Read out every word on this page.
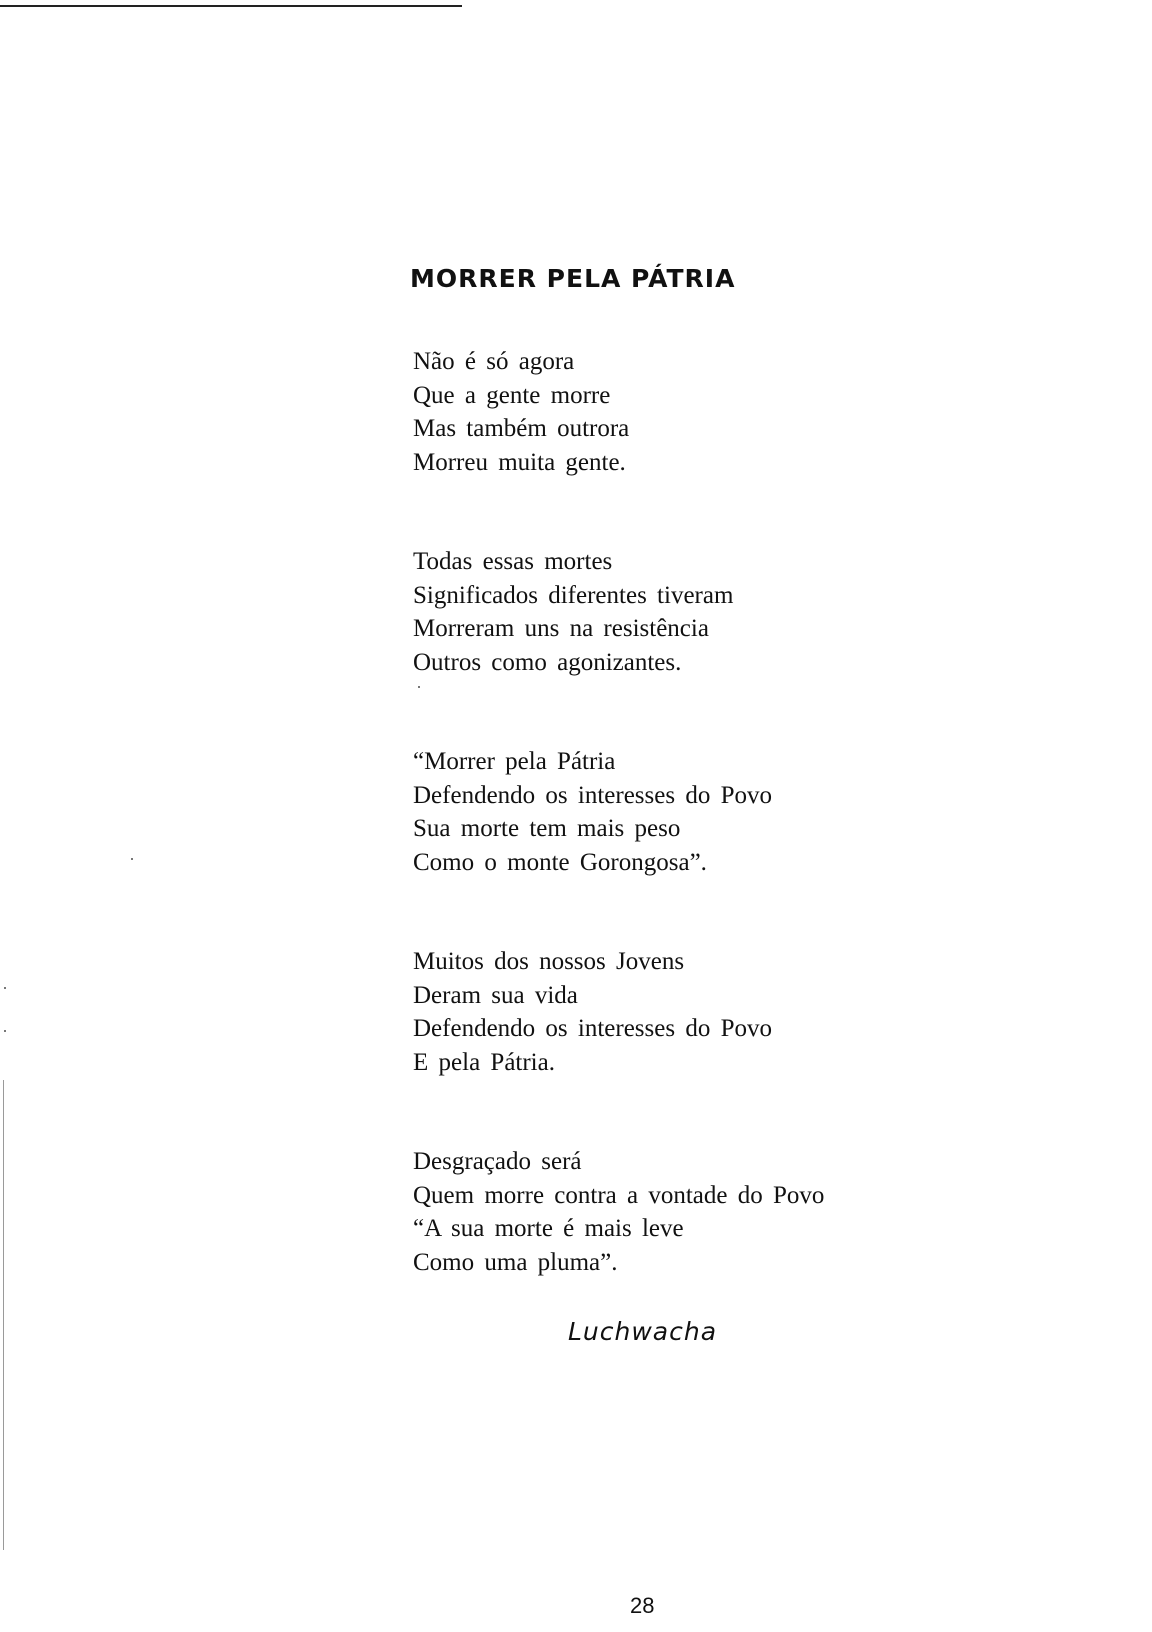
MORRER PELA PÁTRIA
Não é só agora
Que a gente morre
Mas também outrora
Morreu muita gente.
Todas essas mortes
Significados diferentes tiveram
Morreram uns na resistência
Outros como agonizantes.
“Morrer pela Pátria
Defendendo os interesses do Povo
Sua morte tem mais peso
Como o monte Gorongosa”.
Muitos dos nossos Jovens
Deram sua vida
Defendendo os interesses do Povo
E pela Pátria.
Desgraçado será
Quem morre contra a vontade do Povo
“A sua morte é mais leve
Como uma pluma”.
Luchwacha
28
